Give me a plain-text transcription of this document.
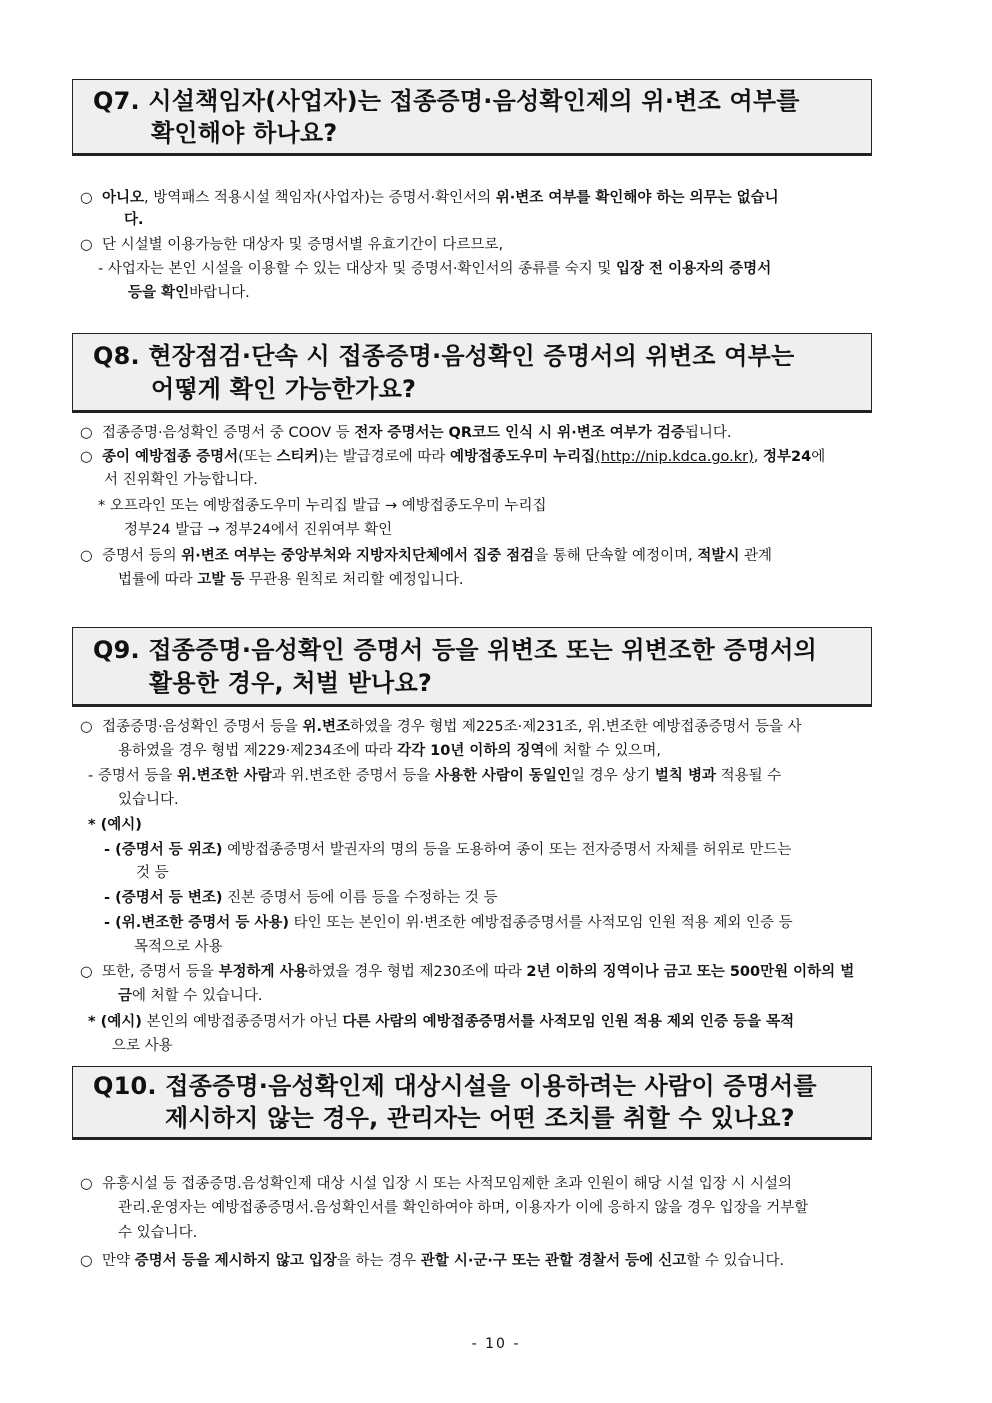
Q7. 시설책임자(사업자)는 접종증명·음성확인제의 위·변조 여부를
확인해야 하나요?
○ 아니오, 방역패스 적용시설 책임자(사업자)는 증명서·확인서의 위·변조 여부를 확인해야 하는 의무는 없습니
다.
○ 단 시설별 이용가능한 대상자 및 증명서별 유효기간이 다르므로,
- 사업자는 본인 시설을 이용할 수 있는 대상자 및 증명서·확인서의 종류를 숙지 및 입장 전 이용자의 증명서
등을 확인바랍니다.
Q8. 현장점검·단속 시 접종증명·음성확인 증명서의 위변조 여부는
어떻게 확인 가능한가요?
○ 접종증명·음성확인 증명서 중 COOV 등 전자 증명서는 QR코드 인식 시 위·변조 여부가 검증됩니다.
○ 종이 예방접종 증명서(또는 스티커)는 발급경로에 따라 예방접종도우미 누리집(http://nip.kdca.go.kr), 정부24에
서 진위확인 가능합니다.
* 오프라인 또는 예방접종도우미 누리집 발급 → 예방접종도우미 누리집
정부24 발급 → 정부24에서 진위여부 확인
○ 증명서 등의 위·변조 여부는 중앙부처와 지방자치단체에서 집중 점검을 통해 단속할 예정이며, 적발시 관계
법률에 따라 고발 등 무관용 원칙로 처리할 예정입니다.
Q9. 접종증명·음성확인 증명서 등을 위변조 또는 위변조한 증명서의
활용한 경우, 처벌 받나요?
○ 접종증명·음성확인 증명서 등을 위.변조하였을 경우 형법 제225조·제231조, 위.변조한 예방접종증명서 등을 사
용하였을 경우 형법 제229·제234조에 따라 각각 10년 이하의 징역에 처할 수 있으며,
- 증명서 등을 위.변조한 사람과 위.변조한 증명서 등을 사용한 사람이 동일인일 경우 상기 벌칙 병과 적용될 수
있습니다.
* (예시)
- (증명서 등 위조) 예방접종증명서 발권자의 명의 등을 도용하여 종이 또는 전자증명서 자체를 허위로 만드는
것 등
- (증명서 등 변조) 진본 증명서 등에 이름 등을 수정하는 것 등
- (위.변조한 증명서 등 사용) 타인 또는 본인이 위·변조한 예방접종증명서를 사적모임 인원 적용 제외 인증 등
목적으로 사용
○ 또한, 증명서 등을 부정하게 사용하였을 경우 형법 제230조에 따라 2년 이하의 징역이나 금고 또는 500만원 이하의 벌
금에 처할 수 있습니다.
* (예시) 본인의 예방접종증명서가 아닌 다른 사람의 예방접종증명서를 사적모임 인원 적용 제외 인증 등을 목적
으로 사용
Q10. 접종증명·음성확인제 대상시설을 이용하려는 사람이 증명서를
제시하지 않는 경우, 관리자는 어떤 조치를 취할 수 있나요?
○ 유흥시설 등 접종증명.음성확인제 대상 시설 입장 시 또는 사적모임제한 초과 인원이 해당 시설 입장 시 시설의
관리.운영자는 예방접종증명서.음성확인서를 확인하여야 하며, 이용자가 이에 응하지 않을 경우 입장을 거부할
수 있습니다.
○ 만약 증명서 등을 제시하지 않고 입장을 하는 경우 관할 시·군·구 또는 관할 경찰서 등에 신고할 수 있습니다.
- 10 -
